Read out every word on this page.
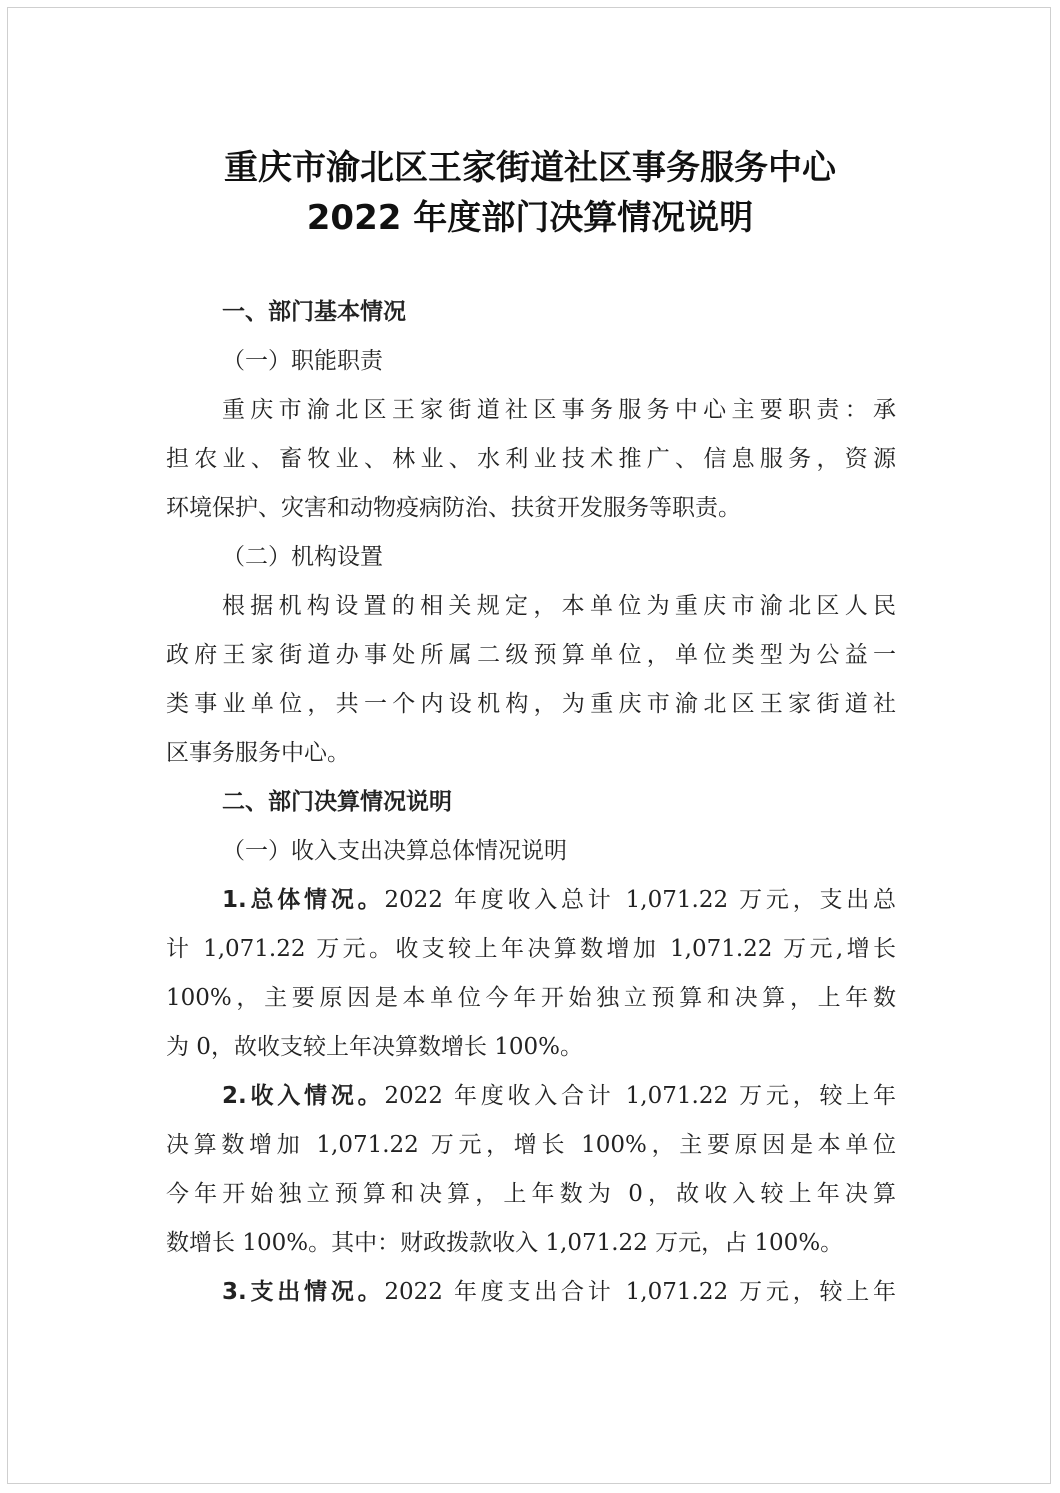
重庆市渝北区王家街道社区事务服务中心
2022 年度部门决算情况说明
一、部门基本情况
（一）职能职责
重庆市渝北区王家街道社区事务服务中心主要职责：承
担农业、畜牧业、林业、水利业技术推广、信息服务，资源
环境保护、灾害和动物疫病防治、扶贫开发服务等职责。
（二）机构设置
根据机构设置的相关规定，本单位为重庆市渝北区人民
政府王家街道办事处所属二级预算单位，单位类型为公益一
类事业单位，共一个内设机构，为重庆市渝北区王家街道社
区事务服务中心。
二、部门决算情况说明
（一）收入支出决算总体情况说明
1.总体情况。2022 年度收入总计 1,071.22 万元，支出总
计 1,071.22 万元。收支较上年决算数增加 1,071.22 万元,增长
100%，主要原因是本单位今年开始独立预算和决算，上年数
为 0，故收支较上年决算数增长 100%。
2.收入情况。2022 年度收入合计 1,071.22 万元，较上年
决算数增加 1,071.22 万元，增长 100%，主要原因是本单位
今年开始独立预算和决算，上年数为 0，故收入较上年决算
数增长 100%。其中：财政拨款收入 1,071.22 万元，占 100%。
3.支出情况。2022 年度支出合计 1,071.22 万元，较上年
